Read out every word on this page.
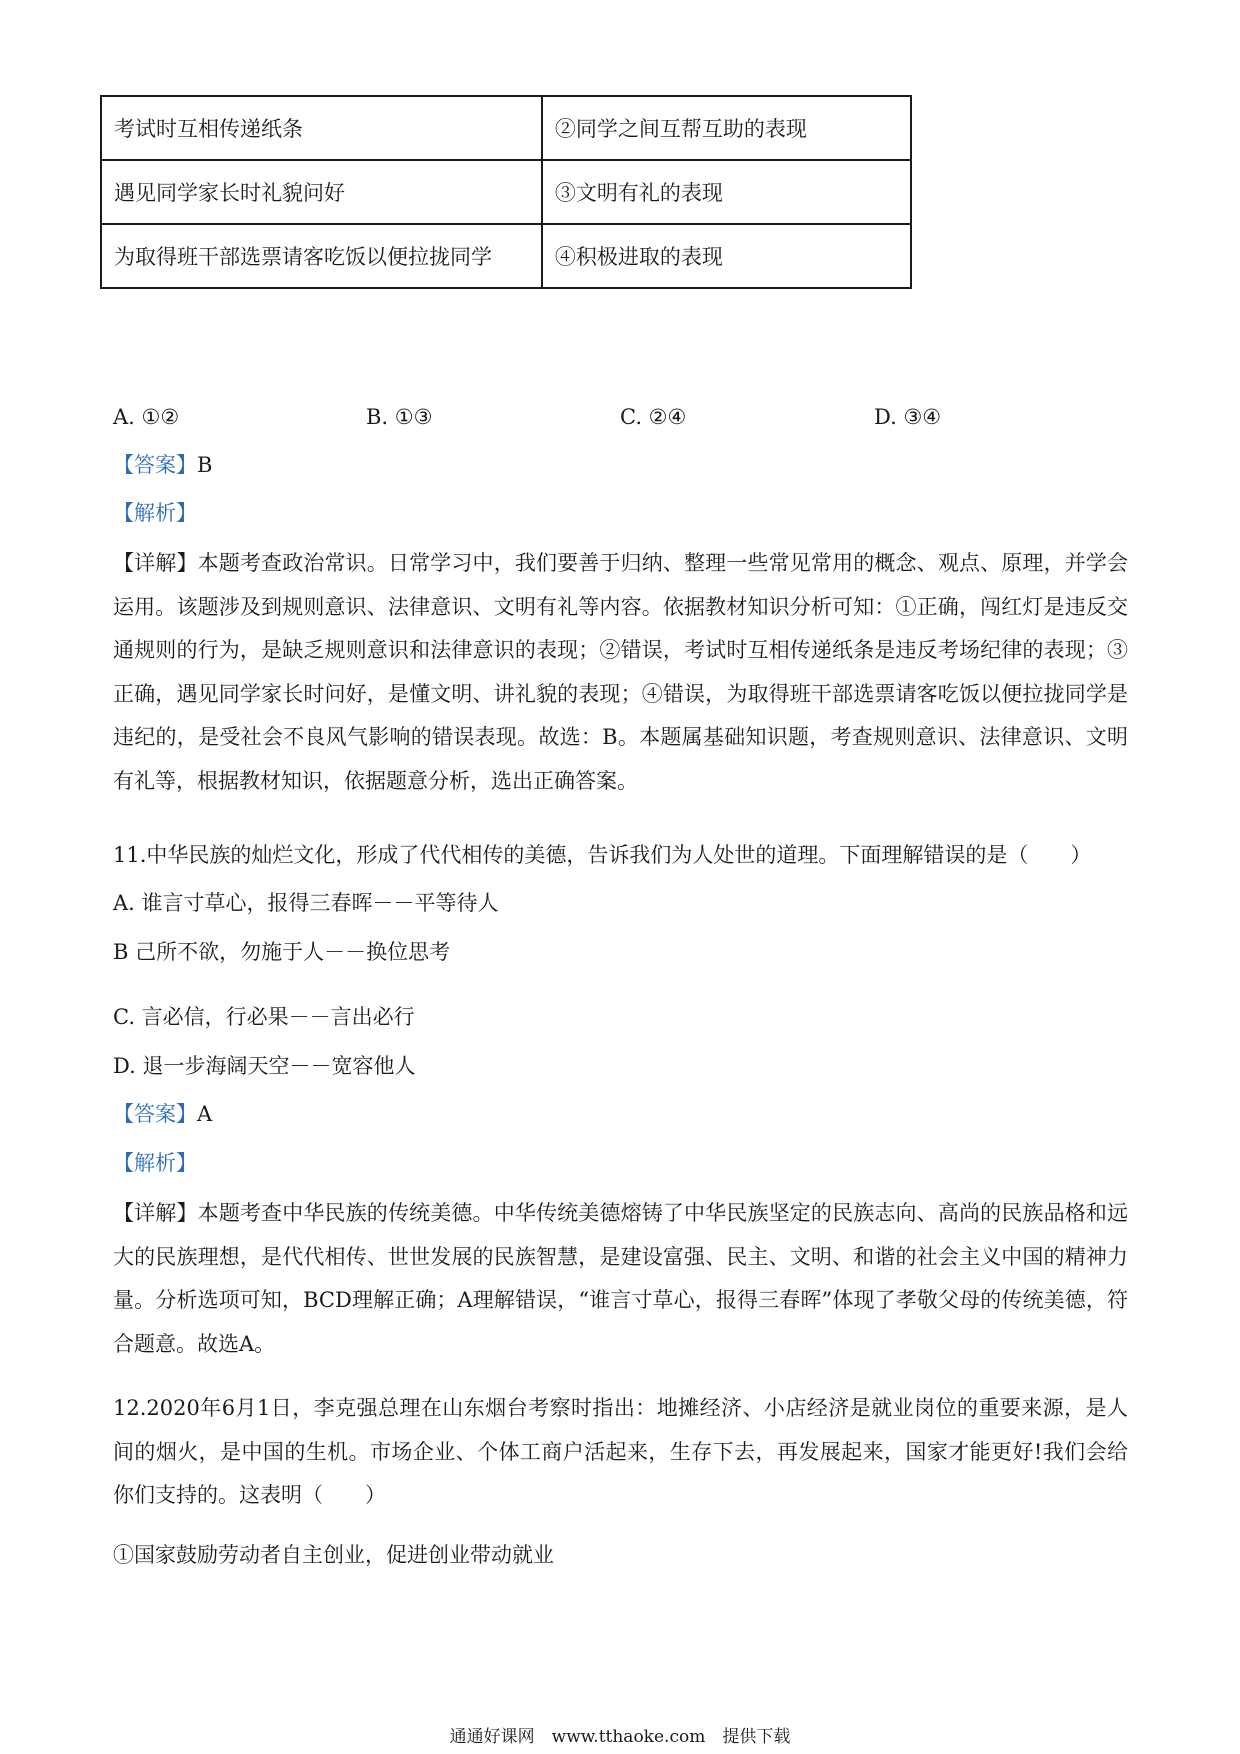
考试时互相传递纸条	②同学之间互帮互助的表现
遇见同学家长时礼貌问好	③文明有礼的表现
为取得班干部选票请客吃饭以便拉拢同学	④积极进取的表现
A. ①②	B. ①③	C. ②④	D. ③④
【答案】B
【解析】
【详解】本题考查政治常识。日常学习中，我们要善于归纳、整理一些常见常用的概念、观点、原理，并学会运用。该题涉及到规则意识、法律意识、文明有礼等内容。依据教材知识分析可知：①正确，闯红灯是违反交通规则的行为，是缺乏规则意识和法律意识的表现；②错误，考试时互相传递纸条是违反考场纪律的表现；③正确，遇见同学家长时问好，是懂文明、讲礼貌的表现；④错误，为取得班干部选票请客吃饭以便拉拢同学是违纪的，是受社会不良风气影响的错误表现。故选：B。本题属基础知识题，考查规则意识、法律意识、文明有礼等，根据教材知识，依据题意分析，选出正确答案。
11.中华民族的灿烂文化，形成了代代相传的美德，告诉我们为人处世的道理。下面理解错误的是（　　）
A. 谁言寸草心，报得三春晖－－平等待人
B 己所不欲，勿施于人－－换位思考
C. 言必信，行必果－－言出必行
D. 退一步海阔天空－－宽容他人
【答案】A
【解析】
【详解】本题考查中华民族的传统美德。中华传统美德熔铸了中华民族坚定的民族志向、高尚的民族品格和远大的民族理想，是代代相传、世世发展的民族智慧，是建设富强、民主、文明、和谐的社会主义中国的精神力量。分析选项可知，BCD理解正确；A理解错误，“谁言寸草心，报得三春晖”体现了孝敬父母的传统美德，符合题意。故选A。
12.2020年6月1日，李克强总理在山东烟台考察时指出：地摊经济、小店经济是就业岗位的重要来源，是人间的烟火，是中国的生机。市场企业、个体工商户活起来，生存下去，再发展起来，国家才能更好!我们会给你们支持的。这表明（　　）
①国家鼓励劳动者自主创业，促进创业带动就业
通通好课网　www.tthaoke.com　提供下载
